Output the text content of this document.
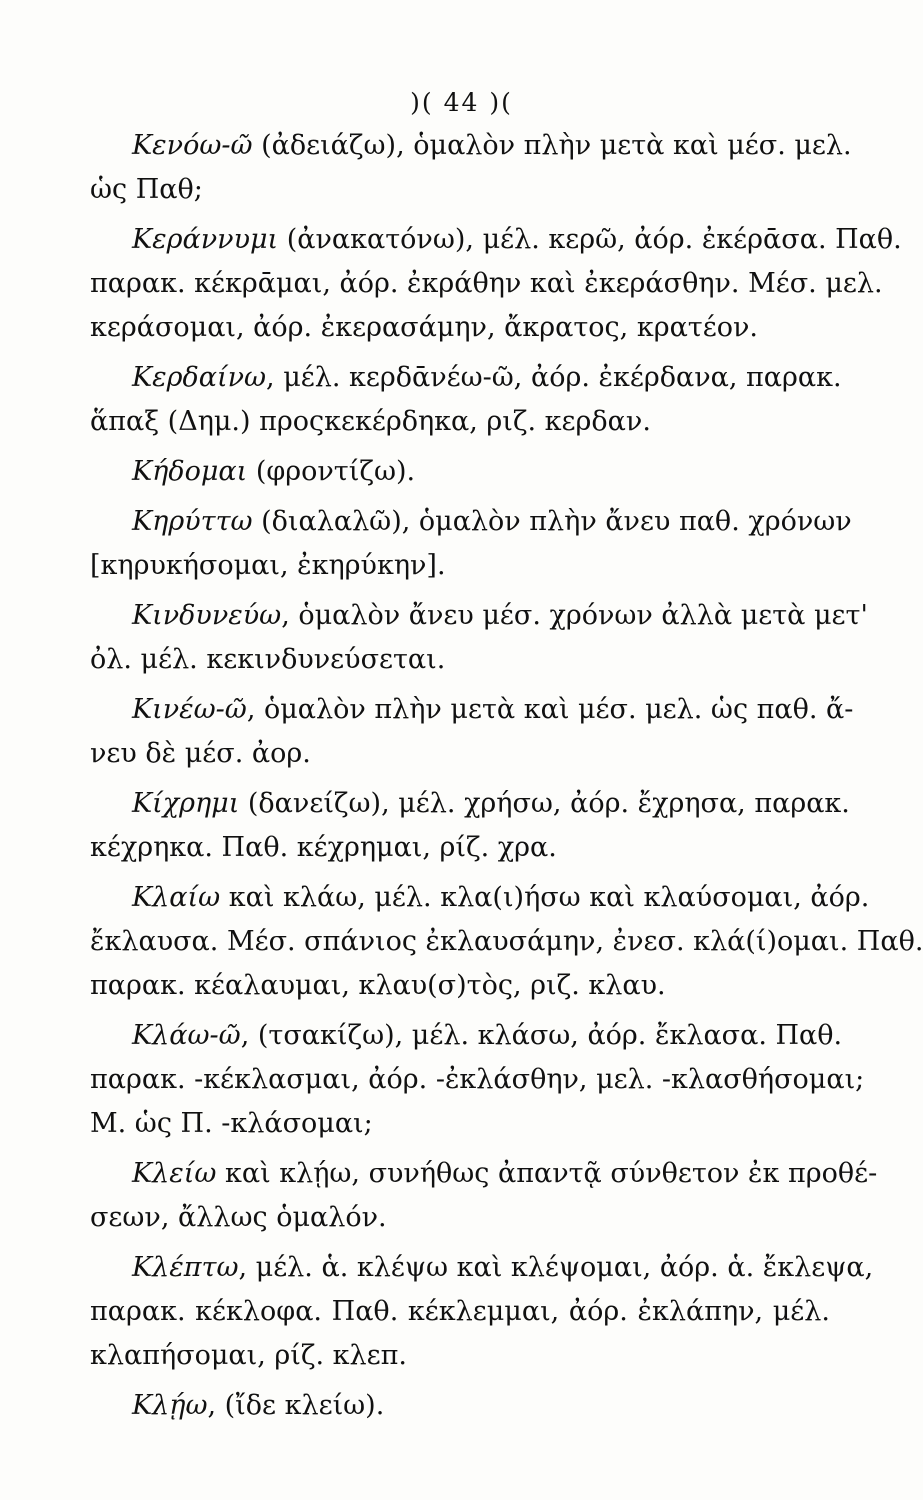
)( 44 )(
Κενόω-ῶ (ἀδειάζω), ὁμαλὸν πλὴν μετὰ καὶ μέσ. μελ.
ὡς Παθ;
Κεράννυμι (ἀνακατόνω), μέλ. κερῶ, ἀόρ. ἐκέρᾱσα. Παθ.
παρακ. κέκρᾱμαι, ἀόρ. ἐκράθην καὶ ἐκεράσθην. Μέσ. μελ.
κεράσομαι, ἀόρ. ἐκερασάμην, ἄκρατος, κρατέον.
Κερδαίνω, μέλ. κερδᾱνέω-ῶ, ἀόρ. ἐκέρδανα, παρακ.
ἅπαξ (Δημ.) προςκεκέρδηκα, ριζ. κερδαν.
Κήδομαι (φροντίζω).
Κηρύττω (διαλαλῶ), ὁμαλὸν πλὴν ἄνευ παθ. χρόνων
[κηρυκήσομαι, ἐκηρύκην].
Κινδυνεύω, ὁμαλὸν ἄνευ μέσ. χρόνων ἀλλὰ μετὰ μετ'
ὀλ. μέλ. κεκινδυνεύσεται.
Κινέω-ῶ, ὁμαλὸν πλὴν μετὰ καὶ μέσ. μελ. ὡς παθ. ἄ-
νευ δὲ μέσ. ἀορ.
Κίχρημι (δανείζω), μέλ. χρήσω, ἀόρ. ἔχρησα, παρακ.
κέχρηκα. Παθ. κέχρημαι, ρίζ. χρα.
Κλαίω καὶ κλάω, μέλ. κλα(ι)ήσω καὶ κλαύσομαι, ἀόρ.
ἔκλαυσα. Μέσ. σπάνιος ἐκλαυσάμην, ἐνεσ. κλά(ί)ομαι. Παθ.
παρακ. κέαλαυμαι, κλαυ(σ)τὸς, ριζ. κλαυ.
Κλάω-ῶ, (τσακίζω), μέλ. κλάσω, ἀόρ. ἔκλασα. Παθ.
παρακ. -κέκλασμαι, ἀόρ. -ἐκλάσθην, μελ. -κλασθήσομαι;
Μ. ὡς Π. -κλάσομαι;
Κλείω καὶ κλῄω, συνήθως ἀπαντᾷ σύνθετον ἐκ προθέ-
σεων, ἄλλως ὁμαλόν.
Κλέπτω, μέλ. ἁ. κλέψω καὶ κλέψομαι, ἀόρ. ἁ. ἔκλεψα,
παρακ. κέκλοφα. Παθ. κέκλεμμαι, ἀόρ. ἐκλάπην, μέλ.
κλαπήσομαι, ρίζ. κλεπ.
Κλῄω, (ἴδε κλείω).
